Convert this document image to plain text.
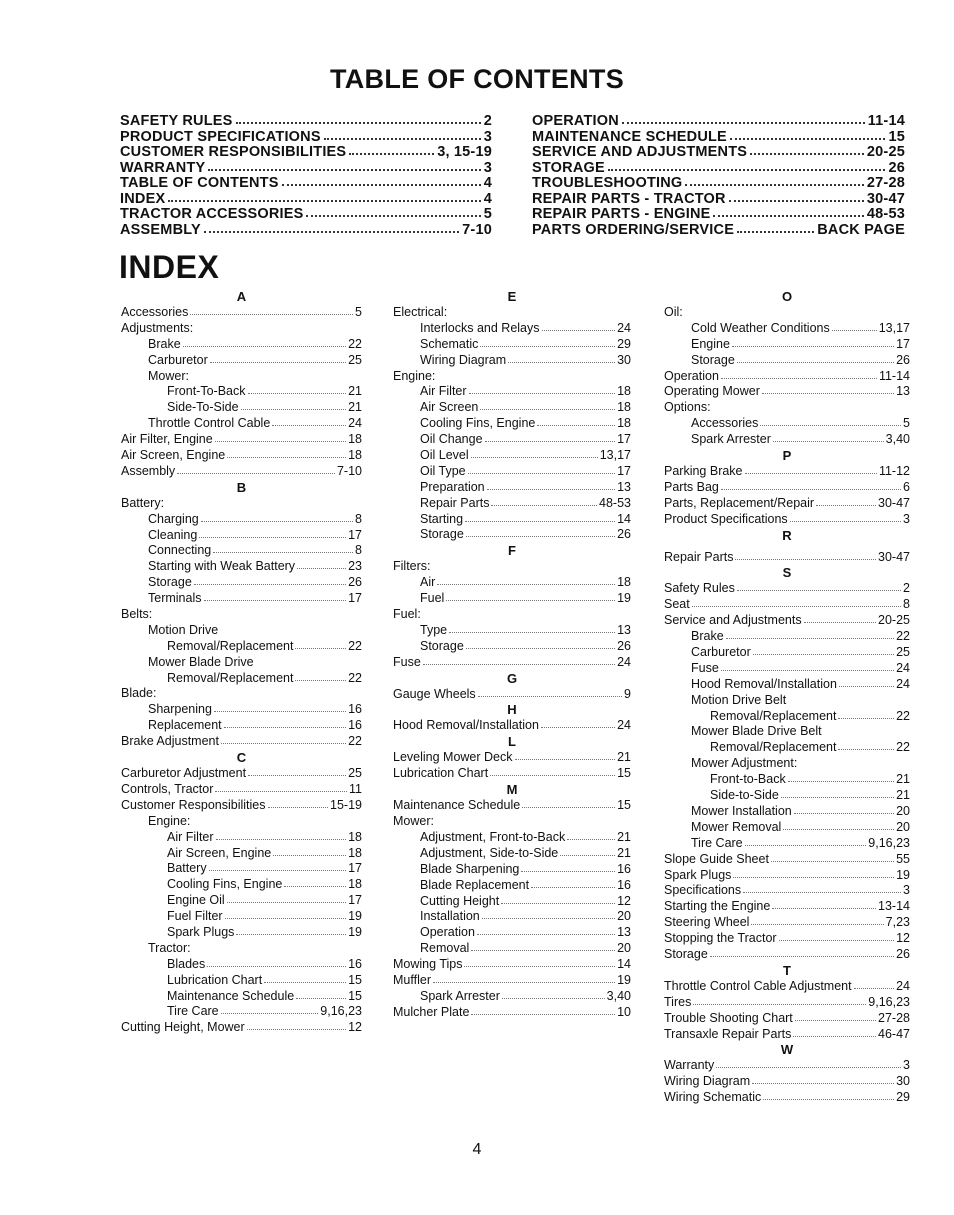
TABLE OF CONTENTS
SAFETY RULES	2
PRODUCT SPECIFICATIONS	3
CUSTOMER RESPONSIBILITIES	3, 15-19
WARRANTY	3
TABLE OF CONTENTS	4
INDEX	4
TRACTOR ACCESSORIES	5
ASSEMBLY	7-10
OPERATION	11-14
MAINTENANCE SCHEDULE	15
SERVICE AND ADJUSTMENTS	20-25
STORAGE	26
TROUBLESHOOTING	27-28
REPAIR PARTS - TRACTOR	30-47
REPAIR PARTS - ENGINE	48-53
PARTS ORDERING/SERVICE	BACK PAGE
INDEX
A
Accessories	5
Adjustments:
Brake	22
Carburetor	25
Mower:
Front-To-Back	21
Side-To-Side	21
Throttle Control Cable	24
Air Filter, Engine	18
Air Screen, Engine	18
Assembly	7-10
B
Battery:
Charging	8
Cleaning	17
Connecting	8
Starting with Weak Battery	23
Storage	26
Terminals	17
Belts:
Motion Drive
Removal/Replacement	22
Mower Blade Drive
Removal/Replacement	22
Blade:
Sharpening	16
Replacement	16
Brake Adjustment	22
C
Carburetor Adjustment	25
Controls, Tractor	11
Customer Responsibilities	15-19
Engine:
Air Filter	18
Air Screen, Engine	18
Battery	17
Cooling Fins, Engine	18
Engine Oil	17
Fuel Filter	19
Spark Plugs	19
Tractor:
Blades	16
Lubrication Chart	15
Maintenance Schedule	15
Tire Care	9,16,23
Cutting Height, Mower	12
E
Electrical:
Interlocks and Relays	24
Schematic	29
Wiring Diagram	30
Engine:
Air Filter	18
Air Screen	18
Cooling Fins, Engine	18
Oil Change	17
Oil Level	13,17
Oil Type	17
Preparation	13
Repair Parts	48-53
Starting	14
Storage	26
F
Filters:
Air	18
Fuel	19
Fuel:
Type	13
Storage	26
Fuse	24
G
Gauge Wheels	9
H
Hood Removal/Installation	24
L
Leveling Mower Deck	21
Lubrication Chart	15
M
Maintenance Schedule	15
Mower:
Adjustment, Front-to-Back	21
Adjustment, Side-to-Side	21
Blade Sharpening	16
Blade Replacement	16
Cutting Height	12
Installation	20
Operation	13
Removal	20
Mowing Tips	14
Muffler	19
Spark Arrester	3,40
Mulcher Plate	10
O
Oil:
Cold Weather Conditions	13,17
Engine	17
Storage	26
Operation	11-14
Operating Mower	13
Options:
Accessories	5
Spark Arrester	3,40
P
Parking Brake	11-12
Parts Bag	6
Parts, Replacement/Repair	30-47
Product Specifications	3
R
Repair Parts	30-47
S
Safety Rules	2
Seat	8
Service and Adjustments	20-25
Brake	22
Carburetor	25
Fuse	24
Hood Removal/Installation	24
Motion Drive Belt
Removal/Replacement	22
Mower Blade Drive Belt
Removal/Replacement	22
Mower Adjustment:
Front-to-Back	21
Side-to-Side	21
Mower Installation	20
Mower Removal	20
Tire Care	9,16,23
Slope Guide Sheet	55
Spark Plugs	19
Specifications	3
Starting the Engine	13-14
Steering Wheel	7,23
Stopping the Tractor	12
Storage	26
T
Throttle Control Cable Adjustment	24
Tires	9,16,23
Trouble Shooting Chart	27-28
Transaxle Repair Parts	46-47
W
Warranty	3
Wiring Diagram	30
Wiring Schematic	29
4
